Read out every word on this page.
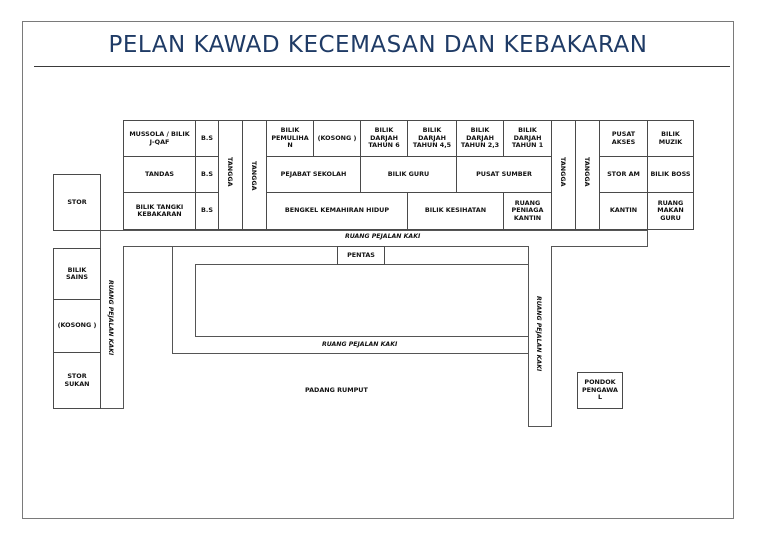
PELAN KAWAD KECEMASAN DAN KEBAKARAN
RUANG PEJALAN KAKI
RUANG PEJALAN KAKI	RUANG PEJALAN KAKI	RUANG PEJALAN KAKI
PADANG RUMPUT
PENTAS
PONDOK PENGAWA L
STOR
BILIK SAINS
(KOSONG )
STOR SUKAN
MUSSOLA / BILIK J-QAF
TANDAS
BILIK TANGKI KEBAKARAN
B.S
B.S
B.S
TANGGA	TANGGA
BILIK PEMULIHA N
(KOSONG )
BILIK DARJAH TAHUN 6
BILIK DARJAH TAHUN 4,5
BILIK DARJAH TAHUN 2,3
BILIK DARJAH TAHUN 1
PEJABAT SEKOLAH	BILIK GURU	PUSAT SUMBER
BENGKEL KEMAHIRAN HIDUP	BILIK KESIHATAN
RUANG PENIAGA KANTIN
TANGGA	TANGGA
PUSAT AKSES
BILIK MUZIK
STOR AM	BILIK BOSS
KANTIN
RUANG MAKAN GURU
